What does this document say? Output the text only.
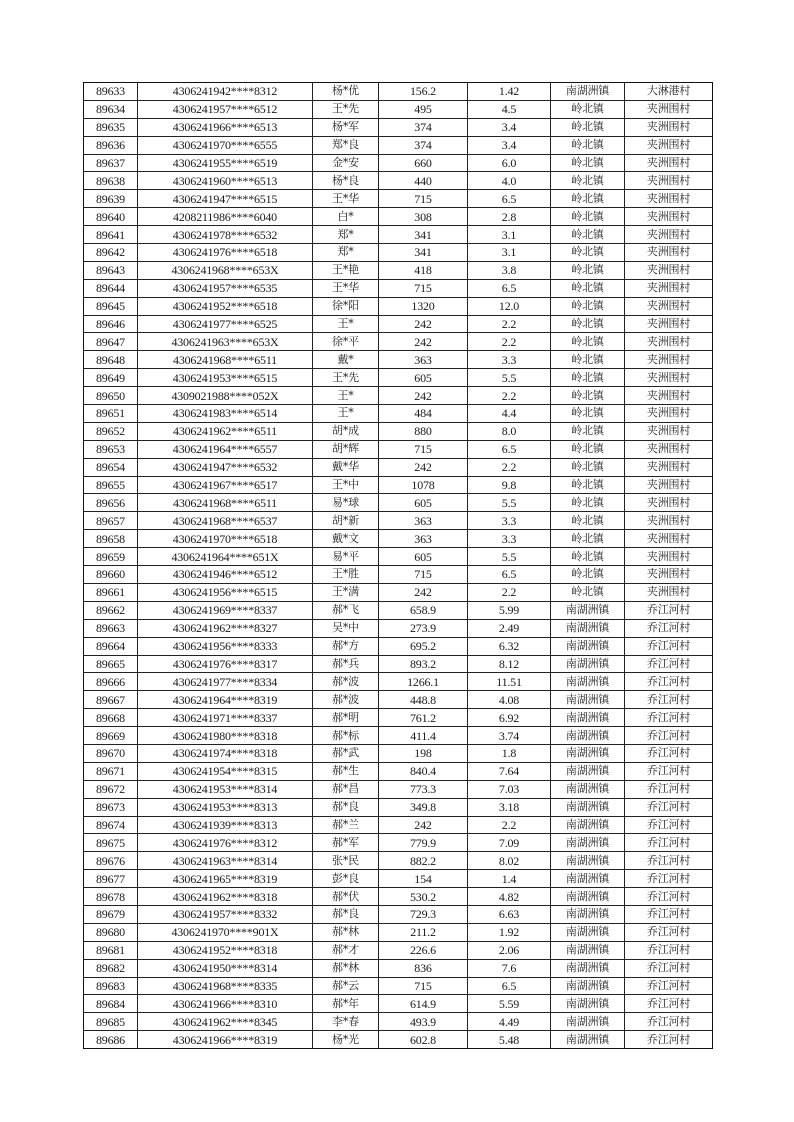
89633	4306241942****8312	杨*优	156.2	1.42	南湖洲镇	大淋港村
89634	4306241957****6512	王*先	495	4.5	岭北镇	夹洲围村
89635	4306241966****6513	杨*军	374	3.4	岭北镇	夹洲围村
89636	4306241970****6555	郑*良	374	3.4	岭北镇	夹洲围村
89637	4306241955****6519	金*安	660	6.0	岭北镇	夹洲围村
89638	4306241960****6513	杨*良	440	4.0	岭北镇	夹洲围村
89639	4306241947****6515	王*华	715	6.5	岭北镇	夹洲围村
89640	4208211986****6040	白*	308	2.8	岭北镇	夹洲围村
89641	4306241978****6532	郑*	341	3.1	岭北镇	夹洲围村
89642	4306241976****6518	郑*	341	3.1	岭北镇	夹洲围村
89643	4306241968****653X	王*艳	418	3.8	岭北镇	夹洲围村
89644	4306241957****6535	王*华	715	6.5	岭北镇	夹洲围村
89645	4306241952****6518	徐*阳	1320	12.0	岭北镇	夹洲围村
89646	4306241977****6525	王*	242	2.2	岭北镇	夹洲围村
89647	4306241963****653X	徐*平	242	2.2	岭北镇	夹洲围村
89648	4306241968****6511	戴*	363	3.3	岭北镇	夹洲围村
89649	4306241953****6515	王*先	605	5.5	岭北镇	夹洲围村
89650	4309021988****052X	王*	242	2.2	岭北镇	夹洲围村
89651	4306241983****6514	王*	484	4.4	岭北镇	夹洲围村
89652	4306241962****6511	胡*成	880	8.0	岭北镇	夹洲围村
89653	4306241964****6557	胡*辉	715	6.5	岭北镇	夹洲围村
89654	4306241947****6532	戴*华	242	2.2	岭北镇	夹洲围村
89655	4306241967****6517	王*中	1078	9.8	岭北镇	夹洲围村
89656	4306241968****6511	易*球	605	5.5	岭北镇	夹洲围村
89657	4306241968****6537	胡*新	363	3.3	岭北镇	夹洲围村
89658	4306241970****6518	戴*文	363	3.3	岭北镇	夹洲围村
89659	4306241964****651X	易*平	605	5.5	岭北镇	夹洲围村
89660	4306241946****6512	王*胜	715	6.5	岭北镇	夹洲围村
89661	4306241956****6515	王*满	242	2.2	岭北镇	夹洲围村
89662	4306241969****8337	郝*飞	658.9	5.99	南湖洲镇	乔江河村
89663	4306241962****8327	吴*中	273.9	2.49	南湖洲镇	乔江河村
89664	4306241956****8333	郝*方	695.2	6.32	南湖洲镇	乔江河村
89665	4306241976****8317	郝*兵	893.2	8.12	南湖洲镇	乔江河村
89666	4306241977****8334	郝*波	1266.1	11.51	南湖洲镇	乔江河村
89667	4306241964****8319	郝*波	448.8	4.08	南湖洲镇	乔江河村
89668	4306241971****8337	郝*明	761.2	6.92	南湖洲镇	乔江河村
89669	4306241980****8318	郝*标	411.4	3.74	南湖洲镇	乔江河村
89670	4306241974****8318	郝*武	198	1.8	南湖洲镇	乔江河村
89671	4306241954****8315	郝*生	840.4	7.64	南湖洲镇	乔江河村
89672	4306241953****8314	郝*昌	773.3	7.03	南湖洲镇	乔江河村
89673	4306241953****8313	郝*良	349.8	3.18	南湖洲镇	乔江河村
89674	4306241939****8313	郝*兰	242	2.2	南湖洲镇	乔江河村
89675	4306241976****8312	郝*军	779.9	7.09	南湖洲镇	乔江河村
89676	4306241963****8314	张*民	882.2	8.02	南湖洲镇	乔江河村
89677	4306241965****8319	彭*良	154	1.4	南湖洲镇	乔江河村
89678	4306241962****8318	郝*伏	530.2	4.82	南湖洲镇	乔江河村
89679	4306241957****8332	郝*良	729.3	6.63	南湖洲镇	乔江河村
89680	4306241970****901X	郝*林	211.2	1.92	南湖洲镇	乔江河村
89681	4306241952****8318	郝*才	226.6	2.06	南湖洲镇	乔江河村
89682	4306241950****8314	郝*林	836	7.6	南湖洲镇	乔江河村
89683	4306241968****8335	郝*云	715	6.5	南湖洲镇	乔江河村
89684	4306241966****8310	郝*年	614.9	5.59	南湖洲镇	乔江河村
89685	4306241962****8345	李*春	493.9	4.49	南湖洲镇	乔江河村
89686	4306241966****8319	杨*光	602.8	5.48	南湖洲镇	乔江河村
